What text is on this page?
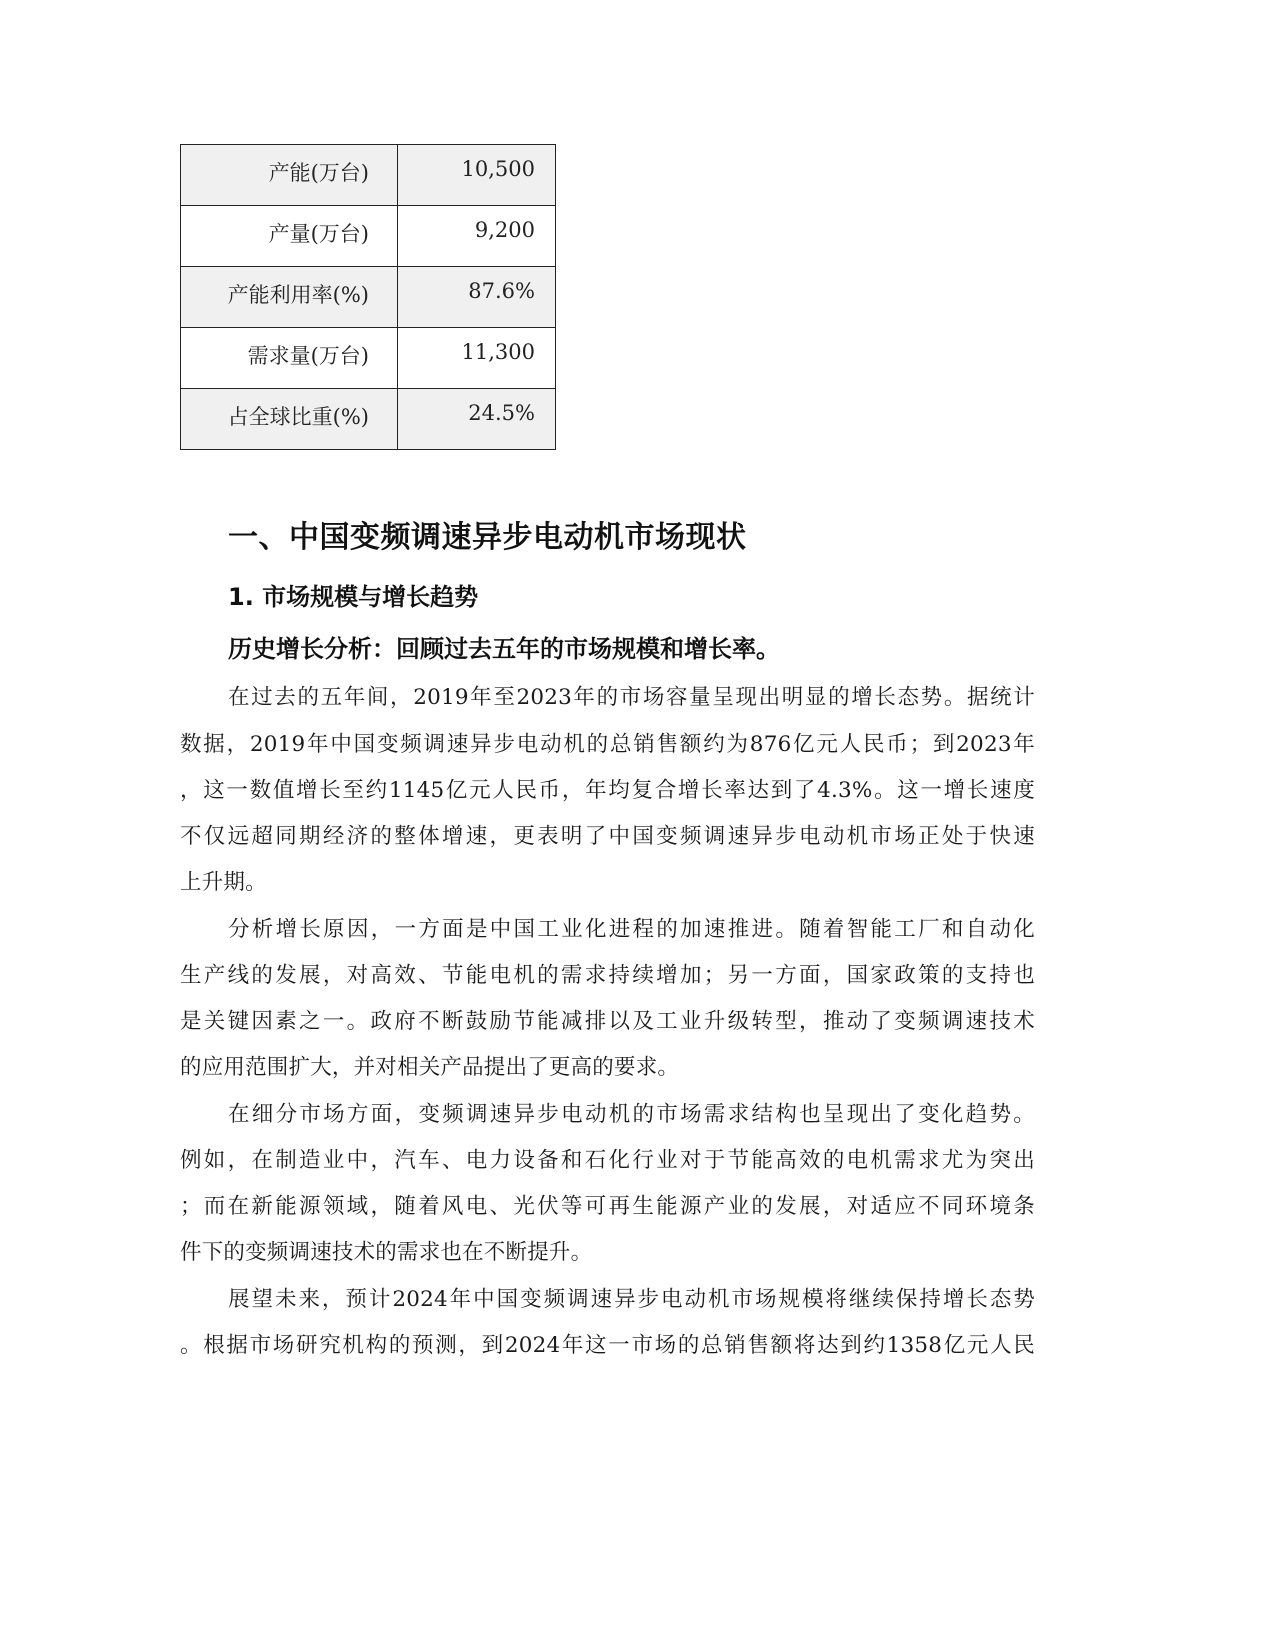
产能(万台)	10,500
产量(万台)	9,200
产能利用率(%)	87.6%
需求量(万台)	11,300
占全球比重(%)	24.5%
一、中国变频调速异步电动机市场现状
1. 市场规模与增长趋势
历史增长分析：回顾过去五年的市场规模和增长率。
在过去的五年间，2019年至2023年的市场容量呈现出明显的增长态势。据统计
数据，2019年中国变频调速异步电动机的总销售额约为876亿元人民币；到2023年
，这一数值增长至约1145亿元人民币，年均复合增长率达到了4.3%。这一增长速度
不仅远超同期经济的整体增速，更表明了中国变频调速异步电动机市场正处于快速
上升期。
分析增长原因，一方面是中国工业化进程的加速推进。随着智能工厂和自动化
生产线的发展，对高效、节能电机的需求持续增加；另一方面，国家政策的支持也
是关键因素之一。政府不断鼓励节能减排以及工业升级转型，推动了变频调速技术
的应用范围扩大，并对相关产品提出了更高的要求。
在细分市场方面，变频调速异步电动机的市场需求结构也呈现出了变化趋势。
例如，在制造业中，汽车、电力设备和石化行业对于节能高效的电机需求尤为突出
；而在新能源领域，随着风电、光伏等可再生能源产业的发展，对适应不同环境条
件下的变频调速技术的需求也在不断提升。
展望未来，预计2024年中国变频调速异步电动机市场规模将继续保持增长态势
。根据市场研究机构的预测，到2024年这一市场的总销售额将达到约1358亿元人民
